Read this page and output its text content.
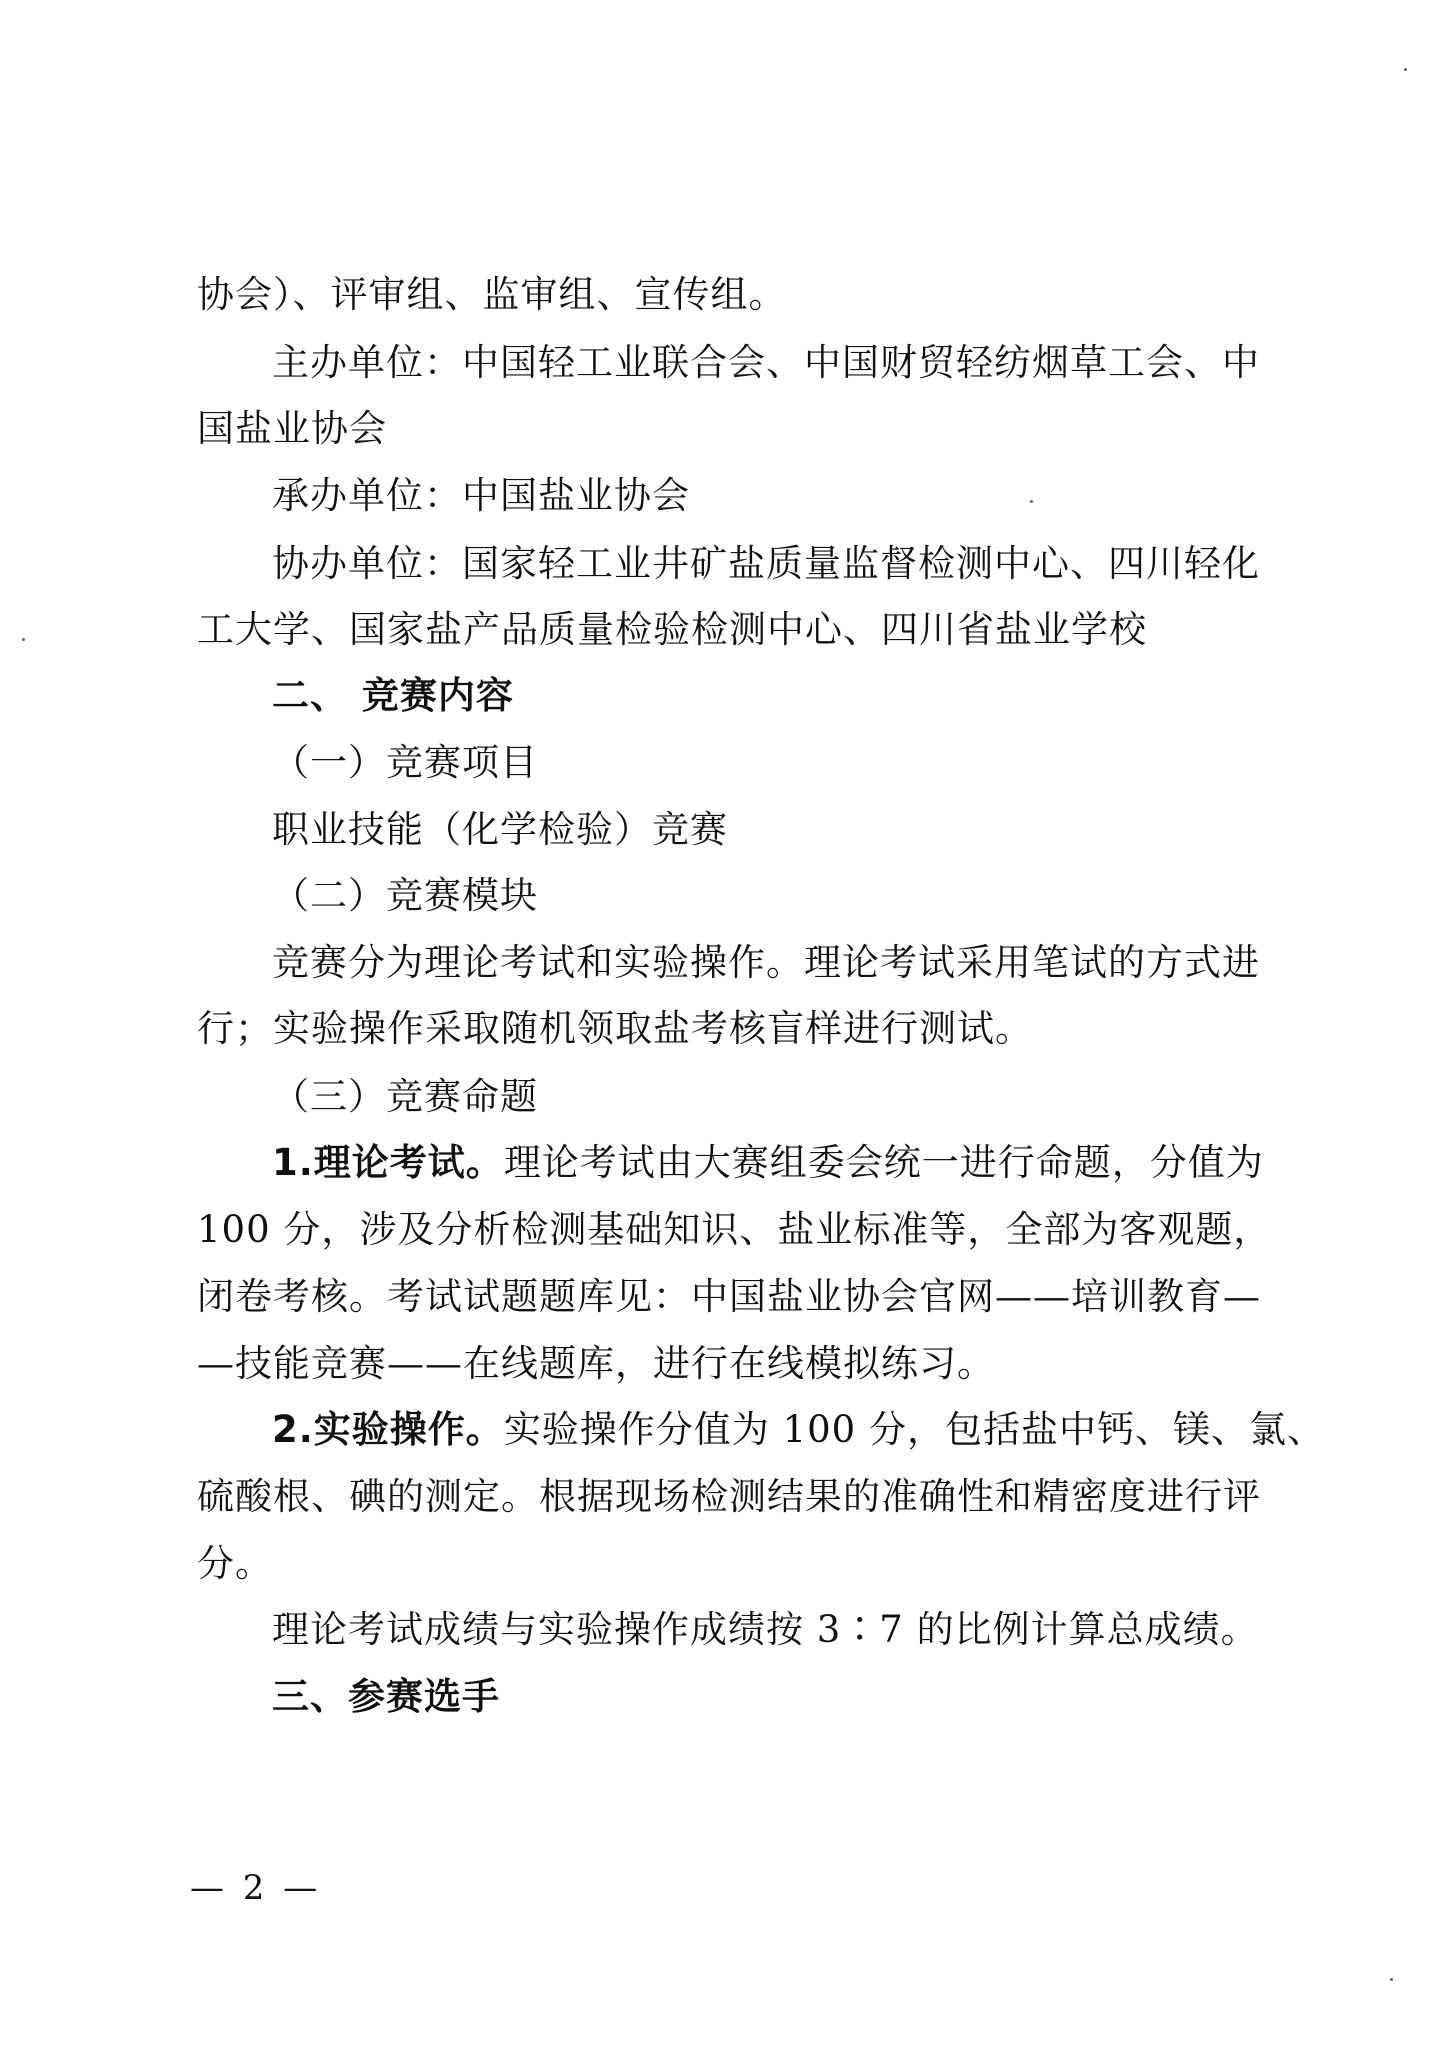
协会）、评审组、监审组、宣传组。
主办单位：中国轻工业联合会、中国财贸轻纺烟草工会、中
国盐业协会
承办单位：中国盐业协会
协办单位：国家轻工业井矿盐质量监督检测中心、四川轻化
工大学、国家盐产品质量检验检测中心、四川省盐业学校
二、 竞赛内容
（一）竞赛项目
职业技能（化学检验）竞赛
（二）竞赛模块
竞赛分为理论考试和实验操作。理论考试采用笔试的方式进
行；实验操作采取随机领取盐考核盲样进行测试。
（三）竞赛命题
1.理论考试。理论考试由大赛组委会统一进行命题，分值为
100 分，涉及分析检测基础知识、盐业标准等，全部为客观题，
闭卷考核。考试试题题库见：中国盐业协会官网——培训教育—
—技能竞赛——在线题库，进行在线模拟练习。
2.实验操作。实验操作分值为 100 分，包括盐中钙、镁、氯、
硫酸根、碘的测定。根据现场检测结果的准确性和精密度进行评
分。
理论考试成绩与实验操作成绩按 3∶7 的比例计算总成绩。
三、参赛选手
— 2 —
